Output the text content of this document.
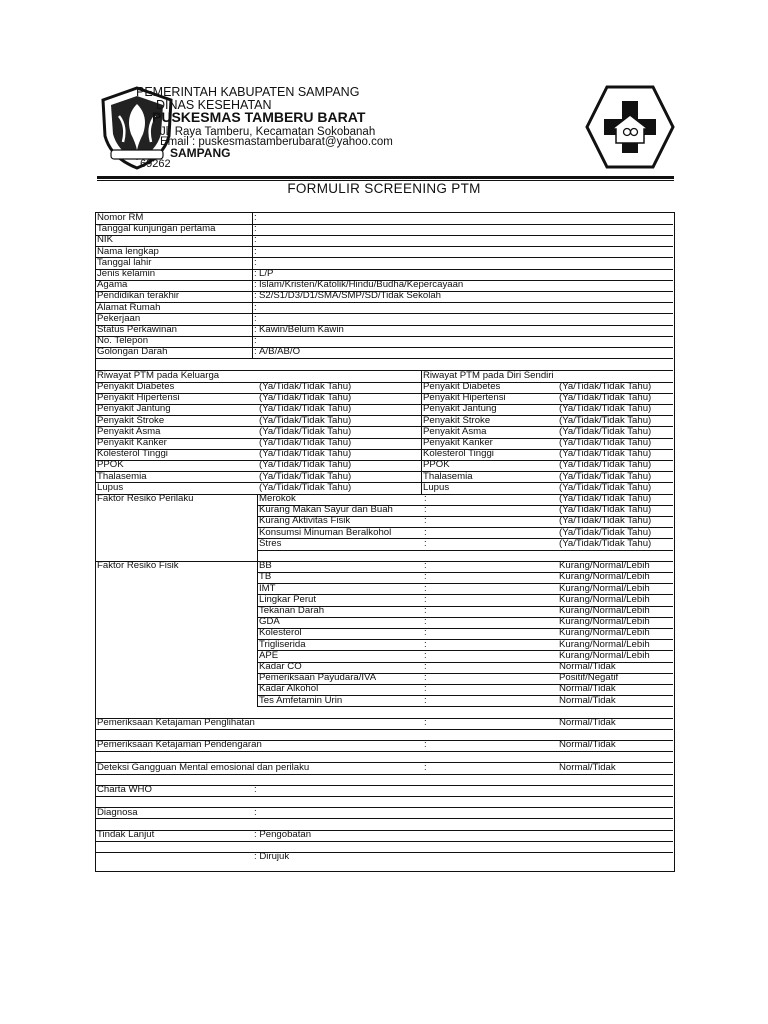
PEMERINTAH KABUPATEN SAMPANG
DINAS KESEHATAN
PUSKESMAS TAMBERU BARAT
Jl. Raya Tamberu, Kecamatan Sokobanah
Email : puskesmastamberubarat@yahoo.com
SAMPANG
69262
FORMULIR SCREENING PTM
Nomor RM	:
Tanggal kunjungan pertama	:
NIK	:
Nama lengkap	:
Tanggal lahir	:
Jenis kelamin	: L/P
Agama	: Islam/Kristen/Katolik/Hindu/Budha/Kepercayaan
Pendidikan terakhir	: S2/S1/D3/D1/SMA/SMP/SD/Tidak Sekolah
Alamat Rumah	:
Pekerjaan	:
Status Perkawinan	: Kawin/Belum Kawin
No. Telepon	:
Golongan Darah	: A/B/AB/O
Riwayat PTM pada Keluarga	Riwayat PTM pada Diri Sendiri
Penyakit Diabetes	(Ya/Tidak/Tidak Tahu)	Penyakit Diabetes	(Ya/Tidak/Tidak Tahu)
Penyakit Hipertensi	(Ya/Tidak/Tidak Tahu)	Penyakit Hipertensi	(Ya/Tidak/Tidak Tahu)
Penyakit Jantung	(Ya/Tidak/Tidak Tahu)	Penyakit Jantung	(Ya/Tidak/Tidak Tahu)
Penyakit Stroke	(Ya/Tidak/Tidak Tahu)	Penyakit Stroke	(Ya/Tidak/Tidak Tahu)
Penyakit Asma	(Ya/Tidak/Tidak Tahu)	Penyakit Asma	(Ya/Tidak/Tidak Tahu)
Penyakit Kanker	(Ya/Tidak/Tidak Tahu)	Penyakit Kanker	(Ya/Tidak/Tidak Tahu)
Kolesterol Tinggi	(Ya/Tidak/Tidak Tahu)	Kolesterol Tinggi	(Ya/Tidak/Tidak Tahu)
PPOK	(Ya/Tidak/Tidak Tahu)	PPOK	(Ya/Tidak/Tidak Tahu)
Thalasemia	(Ya/Tidak/Tidak Tahu)	Thalasemia	(Ya/Tidak/Tidak Tahu)
Lupus	(Ya/Tidak/Tidak Tahu)	Lupus	(Ya/Tidak/Tidak Tahu)
Faktor Resiko Perilaku	Merokok	:	(Ya/Tidak/Tidak Tahu)
Kurang Makan Sayur dan Buah	:	(Ya/Tidak/Tidak Tahu)
Kurang Aktivitas Fisik	:	(Ya/Tidak/Tidak Tahu)
Konsumsi Minuman Beralkohol	:	(Ya/Tidak/Tidak Tahu)
Stres	:	(Ya/Tidak/Tidak Tahu)
Faktor Resiko Fisik	BB	:	Kurang/Normal/Lebih
TB	:	Kurang/Normal/Lebih
IMT	:	Kurang/Normal/Lebih
Lingkar Perut	:	Kurang/Normal/Lebih
Tekanan Darah	:	Kurang/Normal/Lebih
GDA	:	Kurang/Normal/Lebih
Kolesterol	:	Kurang/Normal/Lebih
Trigliserida	:	Kurang/Normal/Lebih
APE	:	Kurang/Normal/Lebih
Kadar CO	:	Normal/Tidak
Pemeriksaan Payudara/IVA	:	Positif/Negatif
Kadar Alkohol	:	Normal/Tidak
Tes Amfetamin Urin	:	Normal/Tidak
Pemeriksaan Ketajaman Penglihatan	:	Normal/Tidak
Pemeriksaan Ketajaman Pendengaran	:	Normal/Tidak
Deteksi Gangguan Mental emosional dan perilaku	:	Normal/Tidak
Charta WHO	:
Diagnosa	:
Tindak Lanjut	: Pengobatan
: Dirujuk
